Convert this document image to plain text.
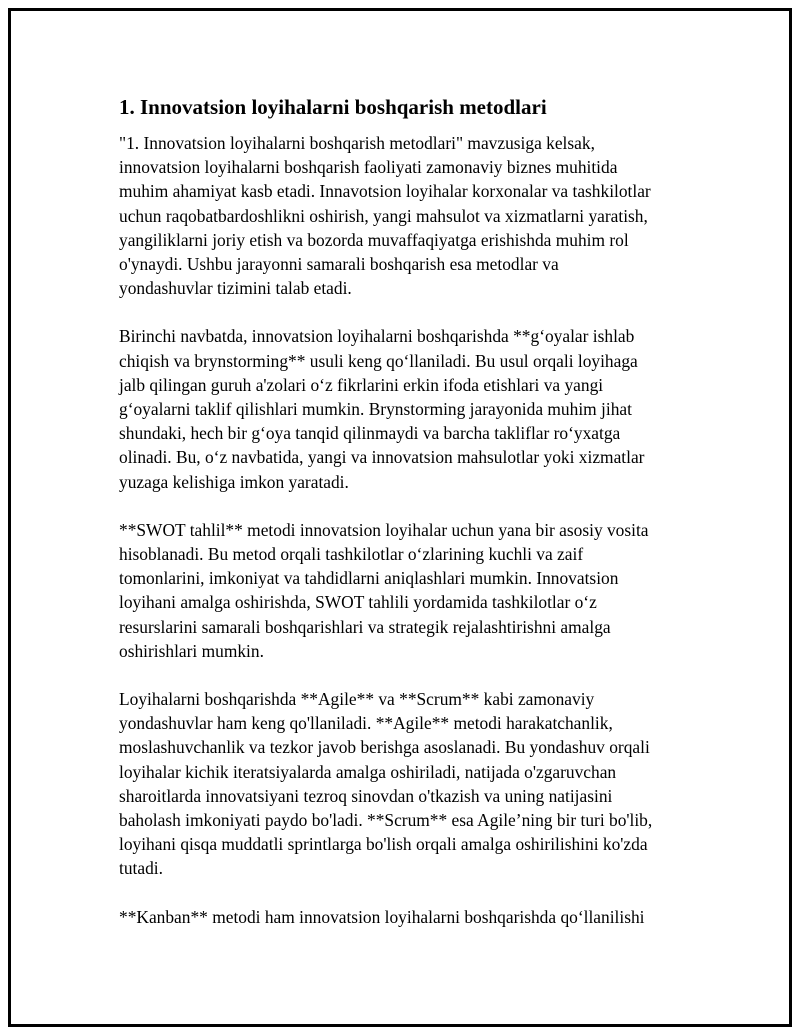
1. Innovatsion loyihalarni boshqarish metodlari

"1. Innovatsion loyihalarni boshqarish metodlari" mavzusiga kelsak,
innovatsion loyihalarni boshqarish faoliyati zamonaviy biznes muhitida
muhim ahamiyat kasb etadi. Innavotsion loyihalar korxonalar va tashkilotlar
uchun raqobatbardoshlikni oshirish, yangi mahsulot va xizmatlarni yaratish,
yangiliklarni joriy etish va bozorda muvaffaqiyatga erishishda muhim rol
o'ynaydi. Ushbu jarayonni samarali boshqarish esa metodlar va
yondashuvlar tizimini talab etadi.

Birinchi navbatda, innovatsion loyihalarni boshqarishda **g‘oyalar ishlab
chiqish va brynstorming** usuli keng qo‘llaniladi. Bu usul orqali loyihaga
jalb qilingan guruh a'zolari o‘z fikrlarini erkin ifoda etishlari va yangi
g‘oyalarni taklif qilishlari mumkin. Brynstorming jarayonida muhim jihat
shundaki, hech bir g‘oya tanqid qilinmaydi va barcha takliflar ro‘yxatga
olinadi. Bu, o‘z navbatida, yangi va innovatsion mahsulotlar yoki xizmatlar
yuzaga kelishiga imkon yaratadi.

**SWOT tahlil** metodi innovatsion loyihalar uchun yana bir asosiy vosita
hisoblanadi. Bu metod orqali tashkilotlar o‘zlarining kuchli va zaif
tomonlarini, imkoniyat va tahdidlarni aniqlashlari mumkin. Innovatsion
loyihani amalga oshirishda, SWOT tahlili yordamida tashkilotlar o‘z
resurslarini samarali boshqarishlari va strategik rejalashtirishni amalga
oshirishlari mumkin.

Loyihalarni boshqarishda **Agile** va **Scrum** kabi zamonaviy
yondashuvlar ham keng qo'llaniladi. **Agile** metodi harakatchanlik,
moslashuvchanlik va tezkor javob berishga asoslanadi. Bu yondashuv orqali
loyihalar kichik iteratsiyalarda amalga oshiriladi, natijada o'zgaruvchan
sharoitlarda innovatsiyani tezroq sinovdan o'tkazish va uning natijasini
baholash imkoniyati paydo bo'ladi. **Scrum** esa Agile’ning bir turi bo'lib,
loyihani qisqa muddatli sprintlarga bo'lish orqali amalga oshirilishini ko'zda
tutadi.

**Kanban** metodi ham innovatsion loyihalarni boshqarishda qo‘llanilishi
